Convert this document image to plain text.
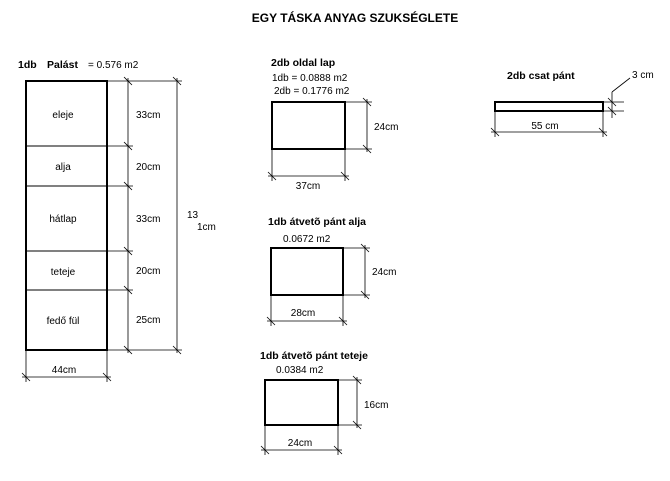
EGY TÁSKA ANYAG SZUKSÉGLETE
1db Palást = 0.576 m2
eleje
alja
hátlap
teteje
fedő fül
33cm
20cm
33cm
20cm
25cm
13
1cm
44cm
2db oldal lap
1db = 0.0888 m2
2db = 0.1776 m2
24cm
37cm
1db átvetõ pánt alja
0.0672 m2
24cm
28cm
1db átvetõ pánt teteje
0.0384 m2
16cm
24cm
2db csat pánt	3 cm
55 cm
